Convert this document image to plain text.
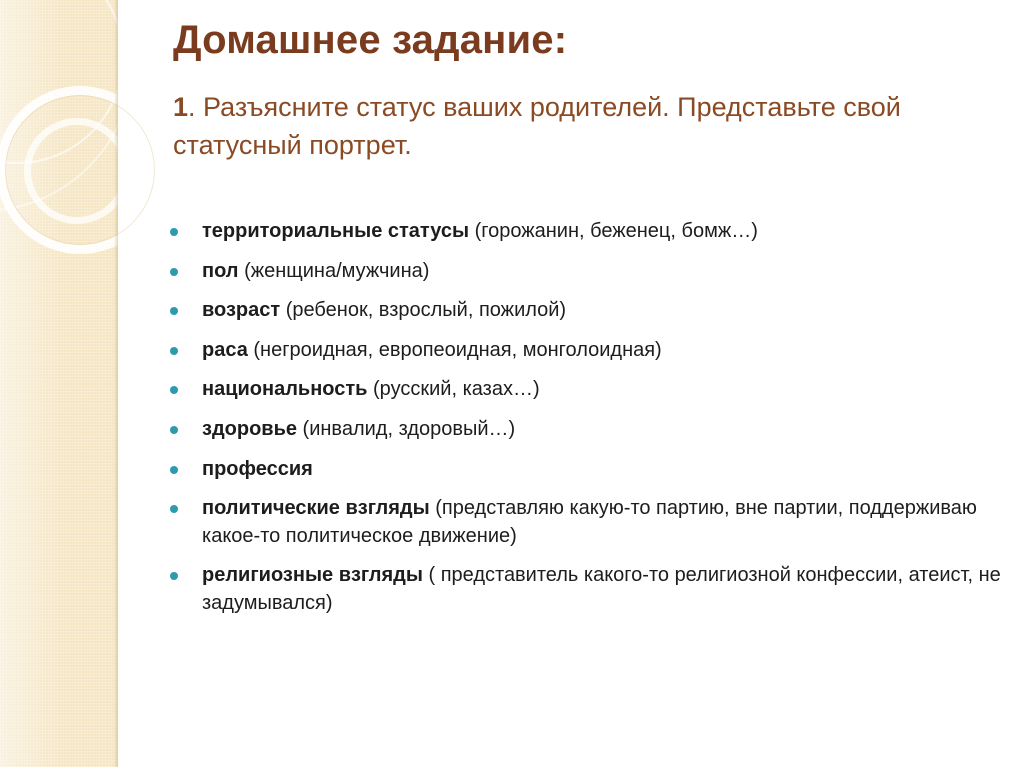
Домашнее задание:
1. Разъясните статус ваших родителей. Представьте свой статусный портрет.
территориальные статусы (горожанин, беженец, бомж…)
пол (женщина/мужчина)
возраст (ребенок, взрослый, пожилой)
раса (негроидная, европеоидная, монголоидная)
национальность (русский, казах…)
здоровье (инвалид, здоровый…)
профессия
политические взгляды (представляю какую-то партию, вне партии, поддерживаю какое-то политическое движение)
религиозные взгляды ( представитель какого-то религиозной конфессии, атеист, не задумывался)
